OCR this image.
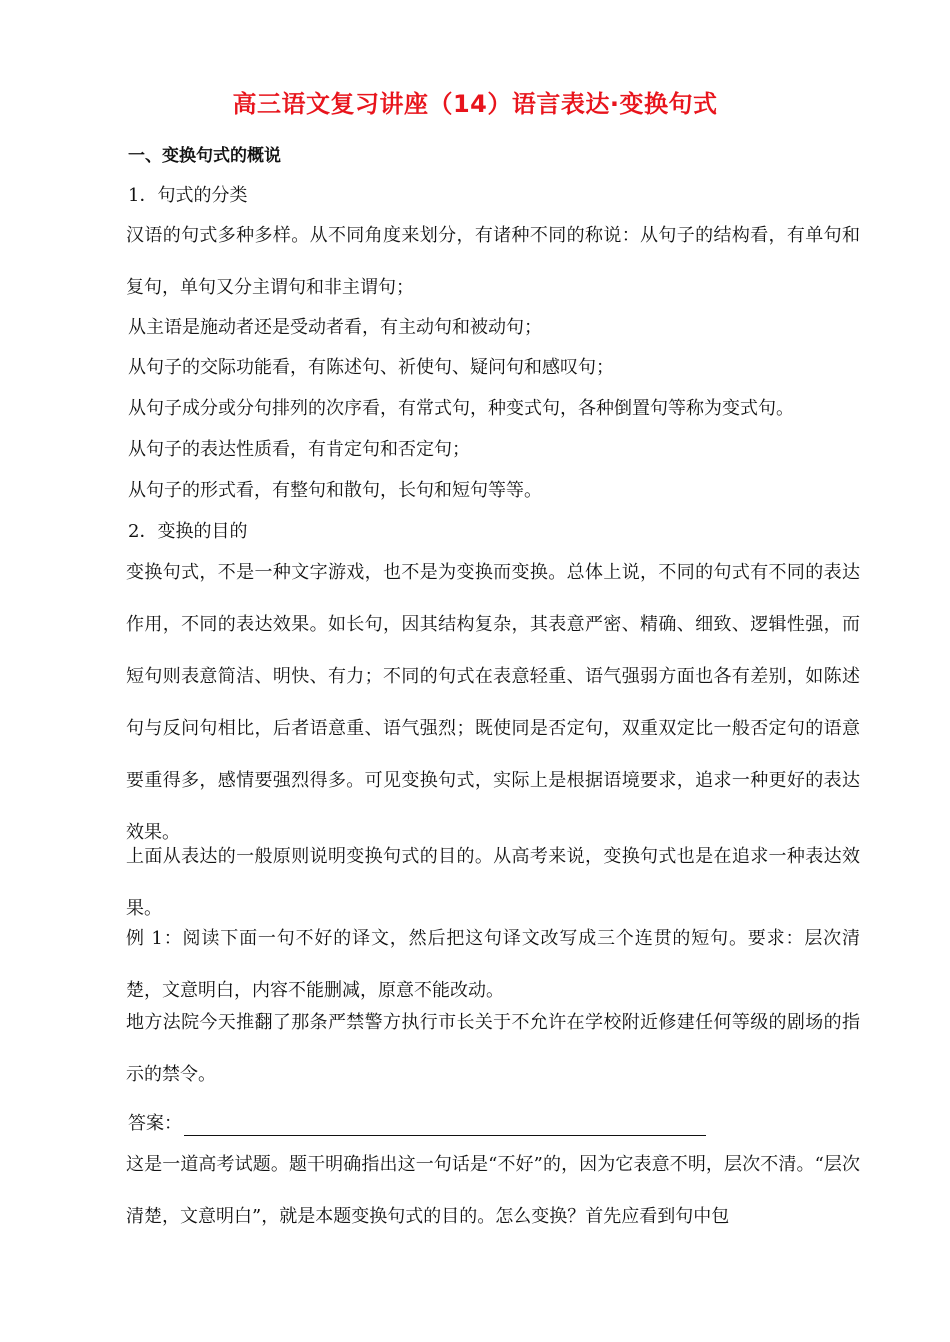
高三语文复习讲座（14）语言表达·变换句式
一、变换句式的概说
1．句式的分类
汉语的句式多种多样。从不同角度来划分，有诸种不同的称说：从句子的结构看，有单句和复句，单句又分主谓句和非主谓句；
从主语是施动者还是受动者看，有主动句和被动句；
从句子的交际功能看，有陈述句、祈使句、疑问句和感叹句；
从句子成分或分句排列的次序看，有常式句，种变式句，各种倒置句等称为变式句。
从句子的表达性质看，有肯定句和否定句；
从句子的形式看，有整句和散句，长句和短句等等。
2．变换的目的
变换句式，不是一种文字游戏，也不是为变换而变换。总体上说，不同的句式有不同的表达作用，不同的表达效果。如长句，因其结构复杂，其表意严密、精确、细致、逻辑性强，而短句则表意简洁、明快、有力；不同的句式在表意轻重、语气强弱方面也各有差别，如陈述句与反问句相比，后者语意重、语气强烈；既使同是否定句，双重双定比一般否定句的语意要重得多，感情要强烈得多。可见变换句式，实际上是根据语境要求，追求一种更好的表达效果。
上面从表达的一般原则说明变换句式的目的。从高考来说，变换句式也是在追求一种表达效果。
例 1：阅读下面一句不好的译文，然后把这句译文改写成三个连贯的短句。要求：层次清楚，文意明白，内容不能删减，原意不能改动。
地方法院今天推翻了那条严禁警方执行市长关于不允许在学校附近修建任何等级的剧场的指示的禁令。
答案：
这是一道高考试题。题干明确指出这一句话是“不好”的，因为它表意不明，层次不清。“层次清楚，文意明白”，就是本题变换句式的目的。怎么变换？首先应看到句中包
